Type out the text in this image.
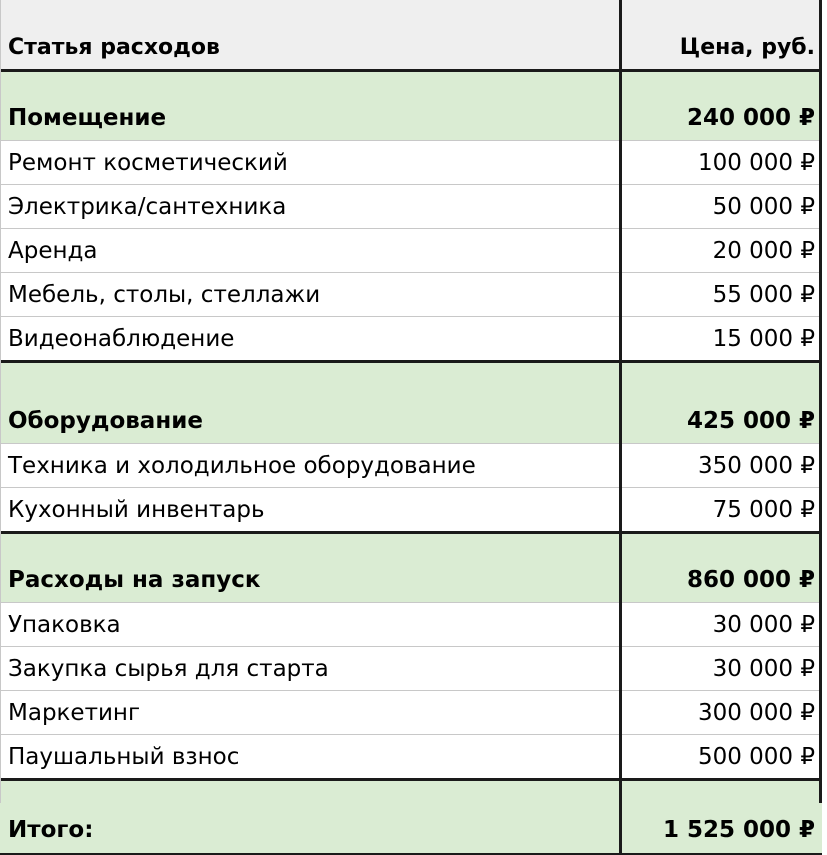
Статья расходов	Цена, руб.
Помещение	240 000 ₽
Ремонт косметический	100 000 ₽
Электрика/сантехника	50 000 ₽
Аренда	20 000 ₽
Мебель, столы, стеллажи	55 000 ₽
Видеонаблюдение	15 000 ₽
Оборудование	425 000 ₽
Техника и холодильное оборудование	350 000 ₽
Кухонный инвентарь	75 000 ₽
Расходы на запуск	860 000 ₽
Упаковка	30 000 ₽
Закупка сырья для старта	30 000 ₽
Маркетинг	300 000 ₽
Паушальный взнос	500 000 ₽
Итого:	1 525 000 ₽
